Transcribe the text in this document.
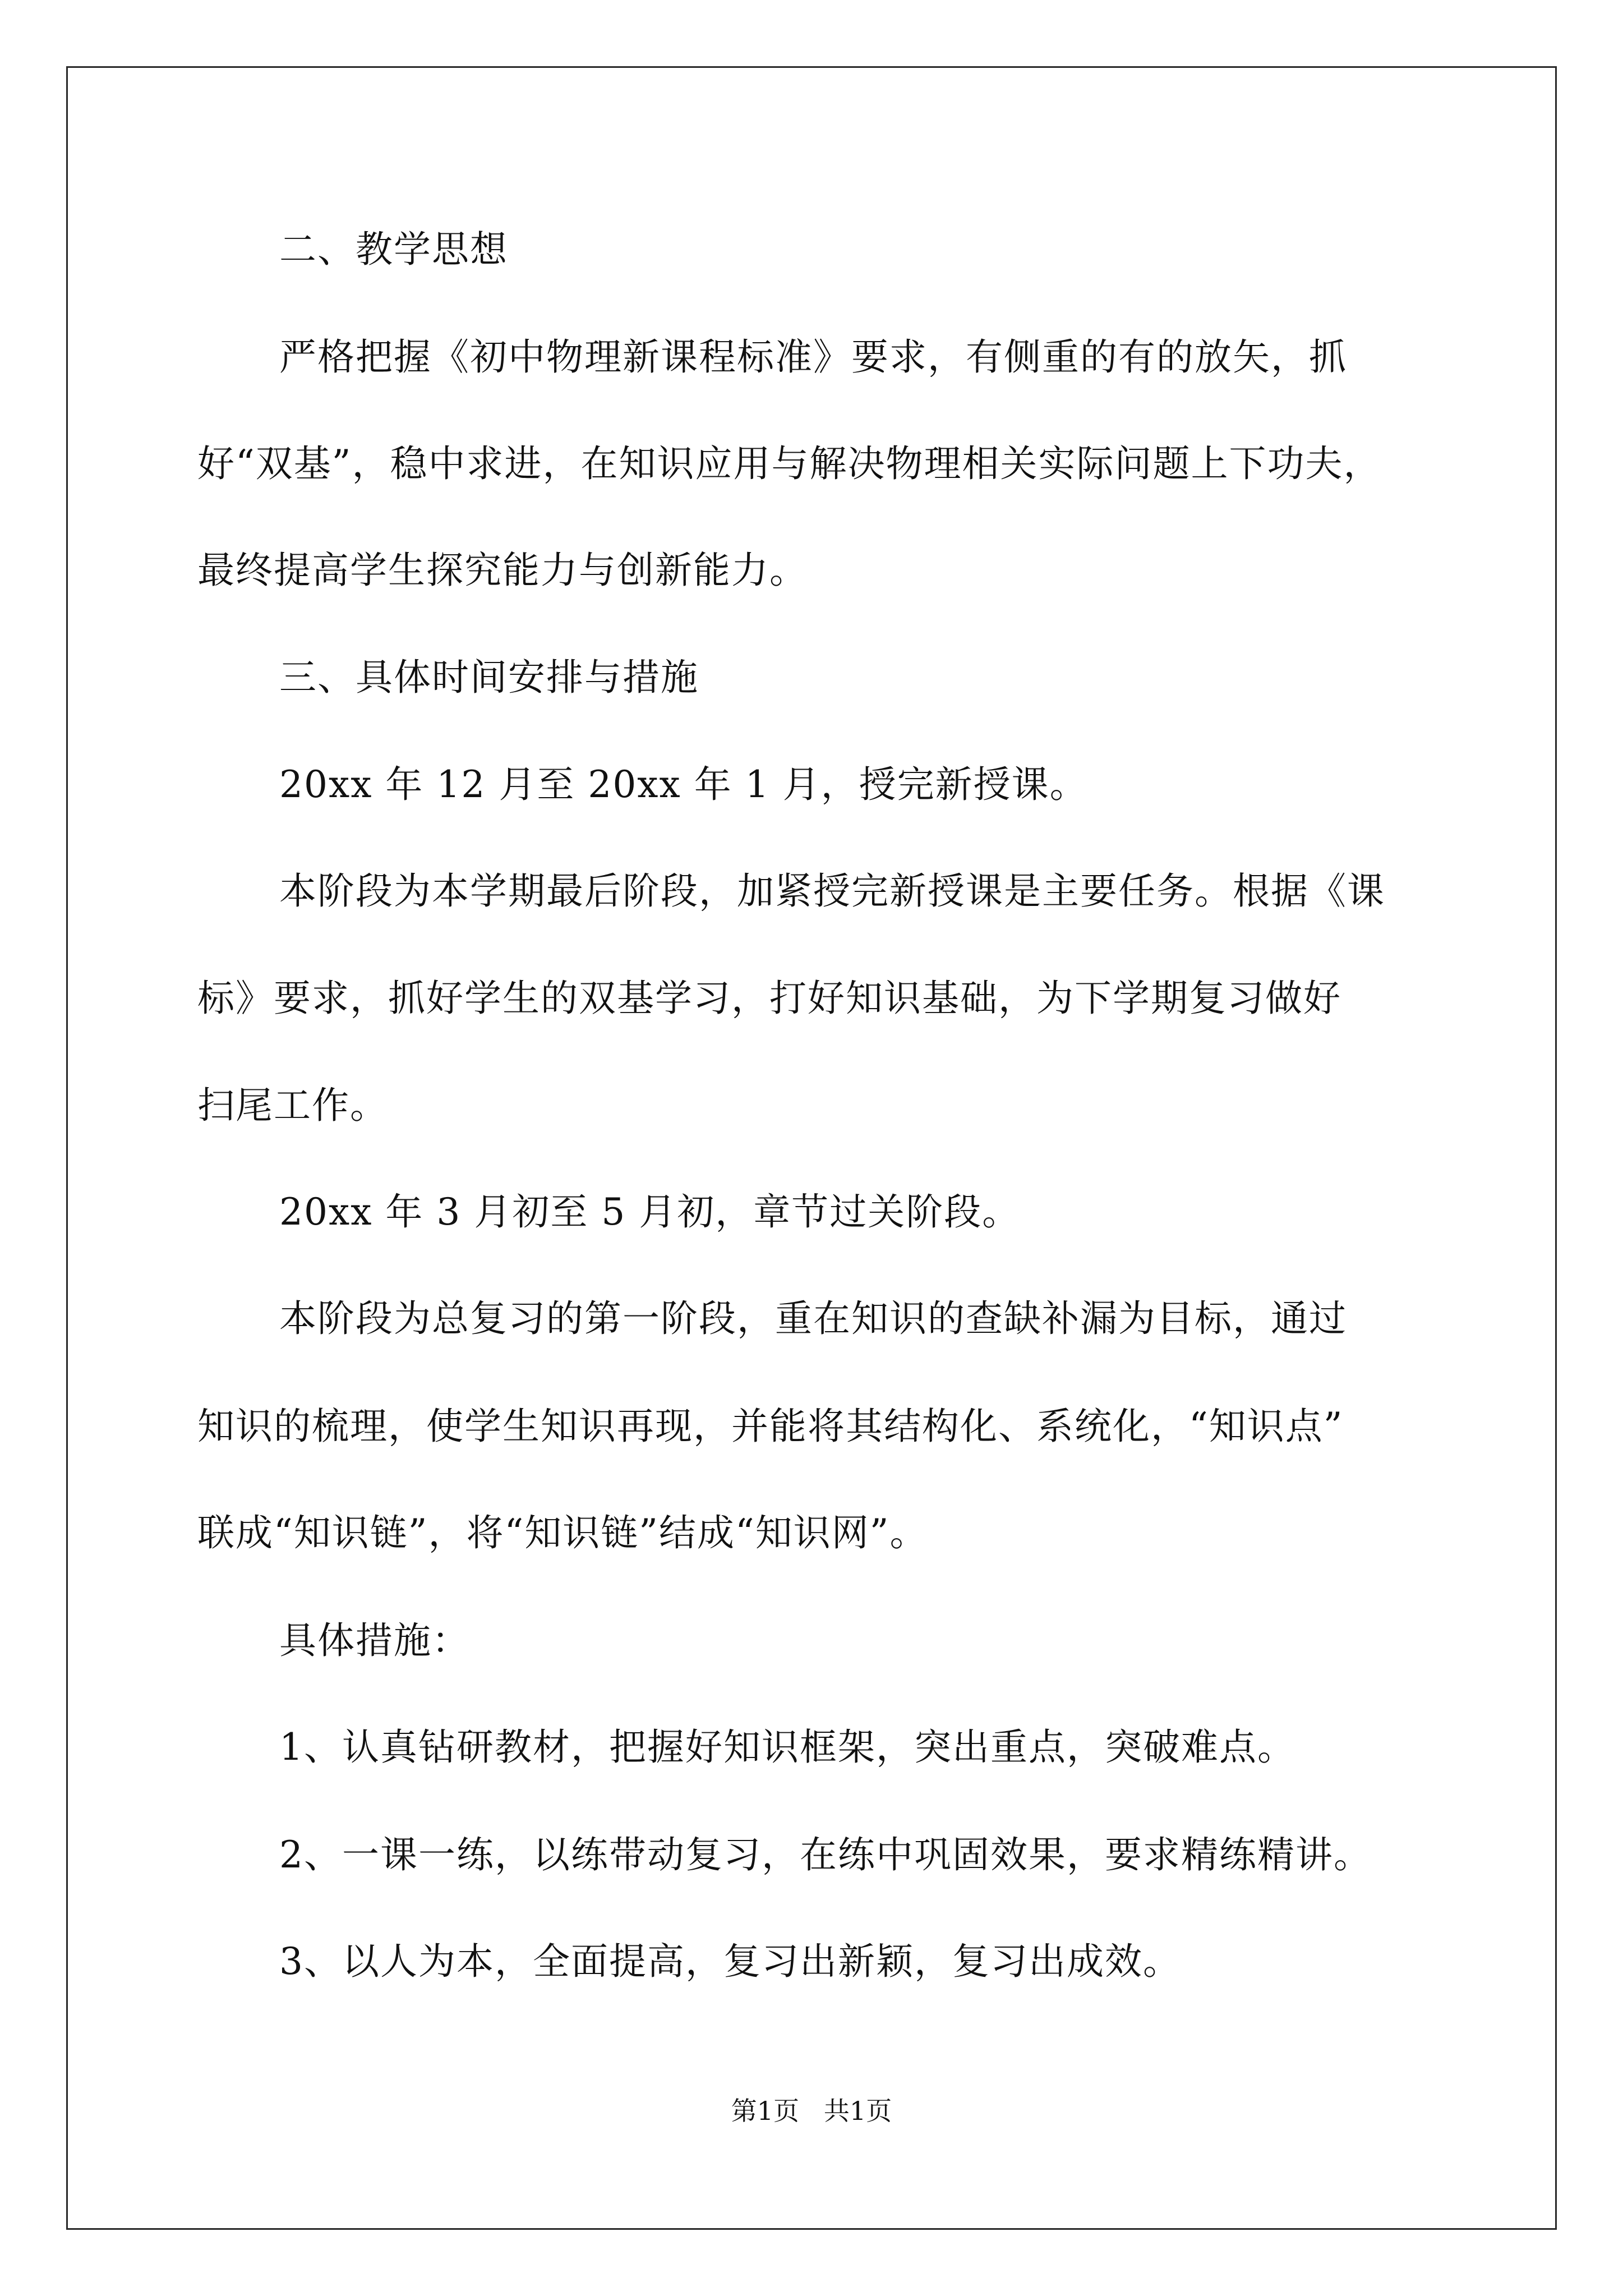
二、教学思想
严格把握《初中物理新课程标准》要求，有侧重的有的放矢，抓
好“双基”，稳中求进，在知识应用与解决物理相关实际问题上下功夫，
最终提高学生探究能力与创新能力。
三、具体时间安排与措施
20xx 年 12 月至 20xx 年 1 月，授完新授课。
本阶段为本学期最后阶段，加紧授完新授课是主要任务。根据《课
标》要求，抓好学生的双基学习，打好知识基础，为下学期复习做好
扫尾工作。
20xx 年 3 月初至 5 月初，章节过关阶段。
本阶段为总复习的第一阶段，重在知识的查缺补漏为目标，通过
知识的梳理，使学生知识再现，并能将其结构化、系统化，“知识点”
联成“知识链”，将“知识链”结成“知识网”。
具体措施：
1、认真钻研教材，把握好知识框架，突出重点，突破难点。
2、一课一练，以练带动复习，在练中巩固效果，要求精练精讲。
3、以人为本，全面提高，复习出新颖，复习出成效。
第1页   共1页
